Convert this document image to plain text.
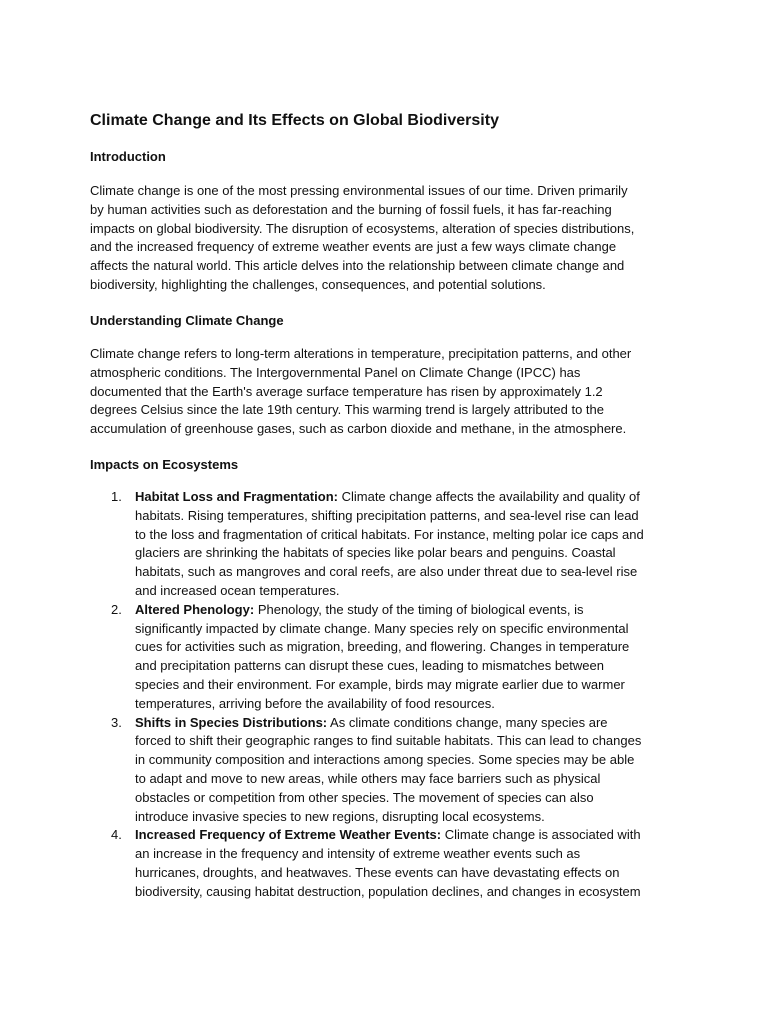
Climate Change and Its Effects on Global Biodiversity
Introduction

Climate change is one of the most pressing environmental issues of our time. Driven primarily
by human activities such as deforestation and the burning of fossil fuels, it has far-reaching
impacts on global biodiversity. The disruption of ecosystems, alteration of species distributions,
and the increased frequency of extreme weather events are just a few ways climate change
affects the natural world. This article delves into the relationship between climate change and
biodiversity, highlighting the challenges, consequences, and potential solutions.

Understanding Climate Change

Climate change refers to long-term alterations in temperature, precipitation patterns, and other
atmospheric conditions. The Intergovernmental Panel on Climate Change (IPCC) has
documented that the Earth's average surface temperature has risen by approximately 1.2
degrees Celsius since the late 19th century. This warming trend is largely attributed to the
accumulation of greenhouse gases, such as carbon dioxide and methane, in the atmosphere.

Impacts on Ecosystems
1. Habitat Loss and Fragmentation: Climate change affects the availability and quality of
habitats. Rising temperatures, shifting precipitation patterns, and sea-level rise can lead
to the loss and fragmentation of critical habitats. For instance, melting polar ice caps and
glaciers are shrinking the habitats of species like polar bears and penguins. Coastal
habitats, such as mangroves and coral reefs, are also under threat due to sea-level rise
and increased ocean temperatures.
2. Altered Phenology: Phenology, the study of the timing of biological events, is
significantly impacted by climate change. Many species rely on specific environmental
cues for activities such as migration, breeding, and flowering. Changes in temperature
and precipitation patterns can disrupt these cues, leading to mismatches between
species and their environment. For example, birds may migrate earlier due to warmer
temperatures, arriving before the availability of food resources.
3. Shifts in Species Distributions: As climate conditions change, many species are
forced to shift their geographic ranges to find suitable habitats. This can lead to changes
in community composition and interactions among species. Some species may be able
to adapt and move to new areas, while others may face barriers such as physical
obstacles or competition from other species. The movement of species can also
introduce invasive species to new regions, disrupting local ecosystems.
4. Increased Frequency of Extreme Weather Events: Climate change is associated with
an increase in the frequency and intensity of extreme weather events such as
hurricanes, droughts, and heatwaves. These events can have devastating effects on
biodiversity, causing habitat destruction, population declines, and changes in ecosystem
